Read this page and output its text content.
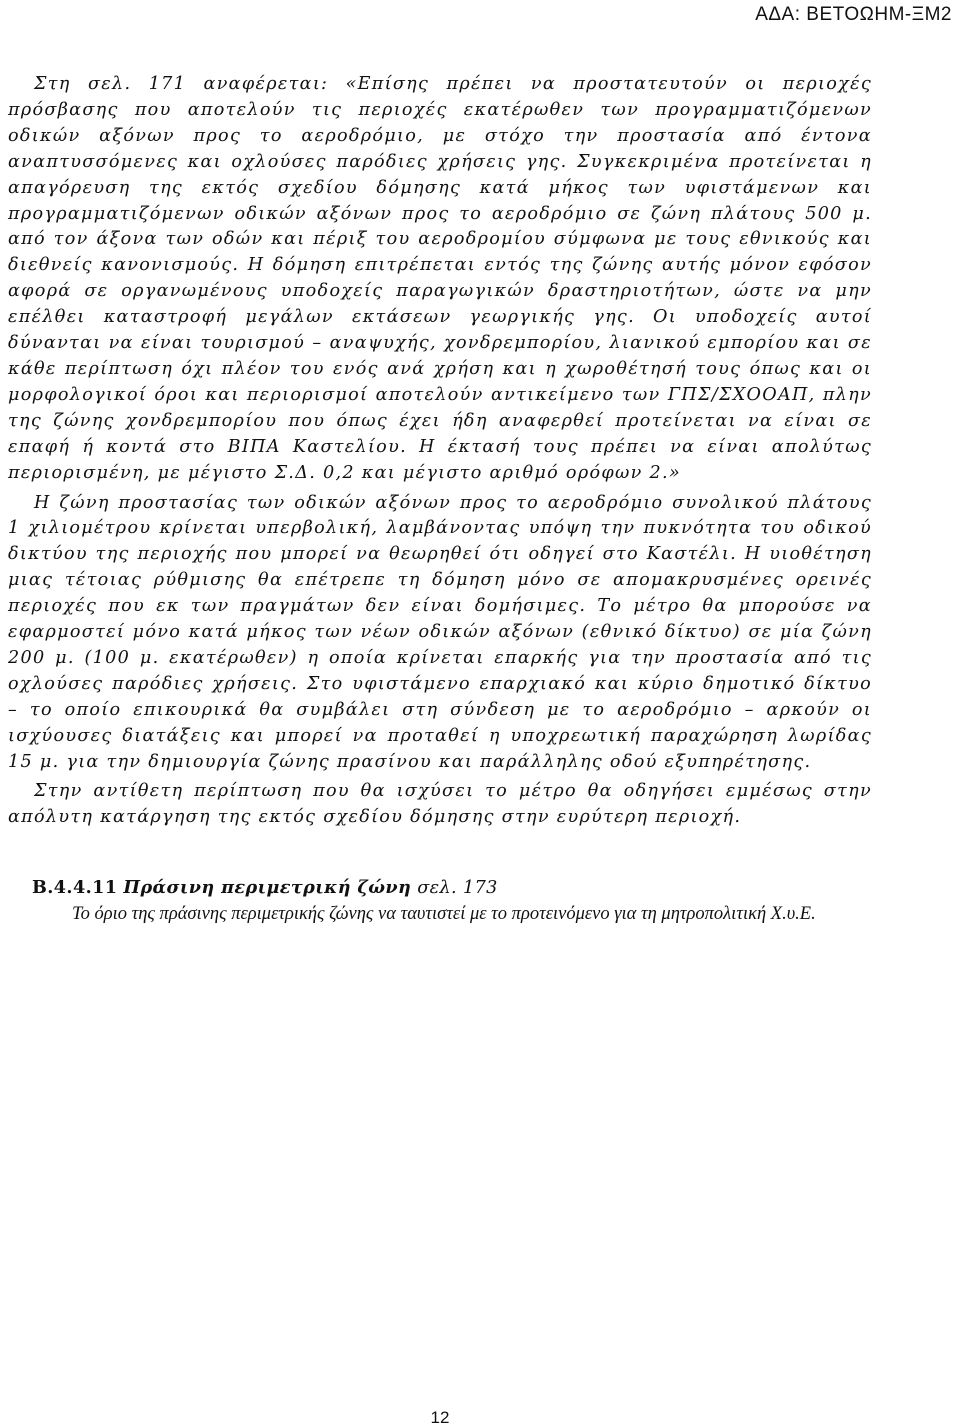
ΑΔΑ: ΒΕΤΟΩΗΜ-ΞΜ2

Στη σελ. 171 αναφέρεται: «Επίσης πρέπει να προστατευτούν οι περιοχές πρόσβασης που αποτελούν τις περιοχές εκατέρωθεν των προγραμματιζόμενων οδικών αξόνων προς το αεροδρόμιο, με στόχο την προστασία από έντονα αναπτυσσόμενες και οχλούσες παρόδιες χρήσεις γης. Συγκεκριμένα προτείνεται η απαγόρευση της εκτός σχεδίου δόμησης κατά μήκος των υφιστάμενων και προγραμματιζόμενων οδικών αξόνων προς το αεροδρόμιο σε ζώνη πλάτους 500 μ. από τον άξονα των οδών και πέριξ του αεροδρομίου σύμφωνα με τους εθνικούς και διεθνείς κανονισμούς. Η δόμηση επιτρέπεται εντός της ζώνης αυτής μόνον εφόσον αφορά σε οργανωμένους υποδοχείς παραγωγικών δραστηριοτήτων, ώστε να μην επέλθει καταστροφή μεγάλων εκτάσεων γεωργικής γης. Οι υποδοχείς αυτοί δύνανται να είναι τουρισμού – αναψυχής, χονδρεμπορίου, λιανικού εμπορίου και σε κάθε περίπτωση όχι πλέον του ενός ανά χρήση και η χωροθέτησή τους όπως και οι μορφολογικοί όροι και περιορισμοί αποτελούν αντικείμενο των ΓΠΣ/ΣΧΟΟΑΠ, πλην της ζώνης χονδρεμπορίου που όπως έχει ήδη αναφερθεί προτείνεται να είναι σε επαφή ή κοντά στο ΒΙΠΑ Καστελίου. Η έκτασή τους πρέπει να είναι απολύτως περιορισμένη, με μέγιστο Σ.Δ. 0,2 και μέγιστο αριθμό ορόφων 2.»

Η ζώνη προστασίας των οδικών αξόνων προς το αεροδρόμιο συνολικού πλάτους 1 χιλιομέτρου κρίνεται υπερβολική, λαμβάνοντας υπόψη την πυκνότητα του οδικού δικτύου της περιοχής που μπορεί να θεωρηθεί ότι οδηγεί στο Καστέλι. Η υιοθέτηση μιας τέτοιας ρύθμισης θα επέτρεπε τη δόμηση μόνο σε απομακρυσμένες ορεινές περιοχές που εκ των πραγμάτων δεν είναι δομήσιμες. Το μέτρο θα μπορούσε να εφαρμοστεί μόνο κατά μήκος των νέων οδικών αξόνων (εθνικό δίκτυο) σε μία ζώνη 200 μ. (100 μ. εκατέρωθεν) η οποία κρίνεται επαρκής για την προστασία από τις οχλούσες παρόδιες χρήσεις. Στο υφιστάμενο επαρχιακό και κύριο δημοτικό δίκτυο – το οποίο επικουρικά θα συμβάλει στη σύνδεση με το αεροδρόμιο – αρκούν οι ισχύουσες διατάξεις και μπορεί να προταθεί η υποχρεωτική παραχώρηση λωρίδας 15 μ. για την δημιουργία ζώνης πρασίνου και παράλληλης οδού εξυπηρέτησης.

Στην αντίθετη περίπτωση που θα ισχύσει το μέτρο θα οδηγήσει εμμέσως στην απόλυτη κατάργηση της εκτός σχεδίου δόμησης στην ευρύτερη περιοχή.

Β.4.4.11 Πράσινη περιμετρική ζώνη σελ. 173

Το όριο της πράσινης περιμετρικής ζώνης να ταυτιστεί με το προτεινόμενο για τη μητροπολιτική Χ.υ.Ε.

12
